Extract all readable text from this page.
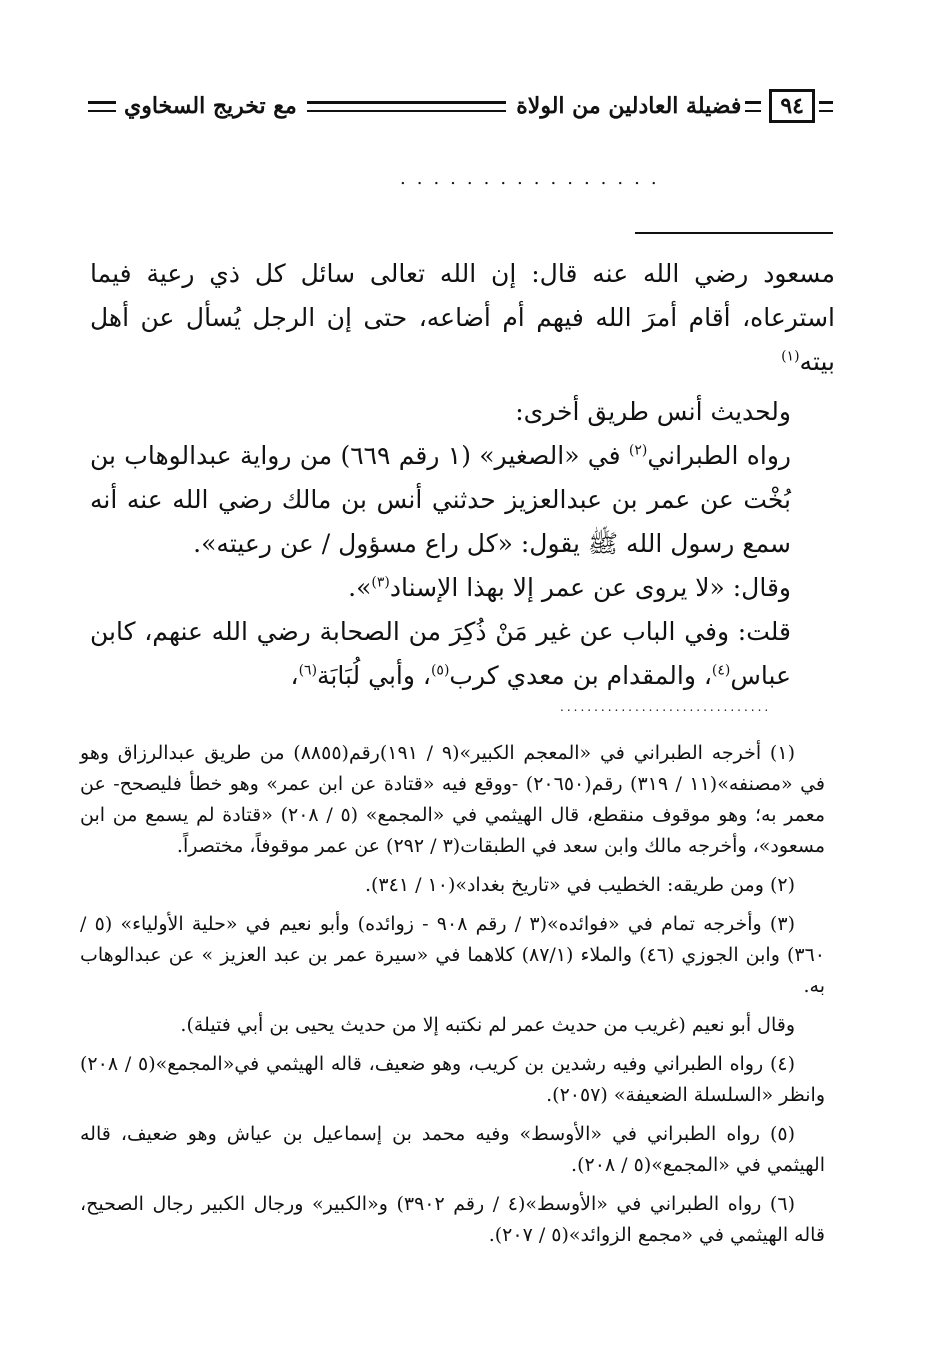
٩٤
فضيلة العادلين من الولاة
مع تخريج السخاوي
................

مسعود رضي الله عنه قال: إن الله تعالى سائل كل ذي رعية فيما استرعاه، أقام أمرَ الله فيهم أم أضاعه، حتى إن الرجل يُسأل عن أهل بيته$^{(١)}$

ولحديث أنس طريق أخرى:

رواه الطبراني$^{(٢)}$ في «الصغير» (١ رقم ٦٦٩) من رواية عبدالوهاب بن بُخْت عن عمر بن عبدالعزيز حدثني أنس بن مالك رضي الله عنه أنه سمع رسول الله ﷺ يقول: «كل راع مسؤول / عن رعيته».

وقال: «لا يروى عن عمر إلا بهذا الإسناد$^{(٣)}$».

قلت: وفي الباب عن غير مَنْ ذُكِرَ من الصحابة رضي الله عنهم، كابن عباس$^{(٤)}$، والمقدام بن معدي كرب$^{(٥)}$، وأبي لُبَابَة$^{(٦)}$،

...............................

(١) أخرجه الطبراني في «المعجم الكبير»(٩ / ١٩١)رقم(٨٨٥٥) من طريق عبدالرزاق وهو في «مصنفه»(١١ / ٣١٩) رقم(٢٠٦٥٠) -ووقع فيه «قتادة عن ابن عمر» وهو خطأ فليصحح- عن معمر به؛ وهو موقوف منقطع، قال الهيثمي في «المجمع» (٥ / ٢٠٨) «قتادة لم يسمع من ابن مسعود»، وأخرجه مالك وابن سعد في الطبقات(٣ / ٢٩٢) عن عمر موقوفاً، مختصراً.

(٢) ومن طريقه: الخطيب في «تاريخ بغداد»(١٠ / ٣٤١).

(٣) وأخرجه تمام في «فوائده»(٣ / رقم ٩٠٨ - زوائده) وأبو نعيم في «حلية الأولياء» (٥ / ٣٦٠) وابن الجوزي (٤٦) والملاء (٨٧/١) كلاهما في «سيرة عمر بن عبد العزيز » عن عبدالوهاب به.

وقال أبو نعيم (غريب من حديث عمر لم نكتبه إلا من حديث يحيى بن أبي فتيلة).

(٤) رواه الطبراني وفيه رشدين بن كريب، وهو ضعيف، قاله الهيثمي في«المجمع»(٥ / ٢٠٨) وانظر «السلسلة الضعيفة» (٢٠٥٧).

(٥) رواه الطبراني في «الأوسط» وفيه محمد بن إسماعيل بن عياش وهو ضعيف، قاله الهيثمي في «المجمع»(٥ / ٢٠٨).

(٦) رواه الطبراني في «الأوسط»(٤ / رقم ٣٩٠٢) و«الكبير» ورجال الكبير رجال الصحيح، قاله الهيثمي في «مجمع الزوائد»(٥ / ٢٠٧).
